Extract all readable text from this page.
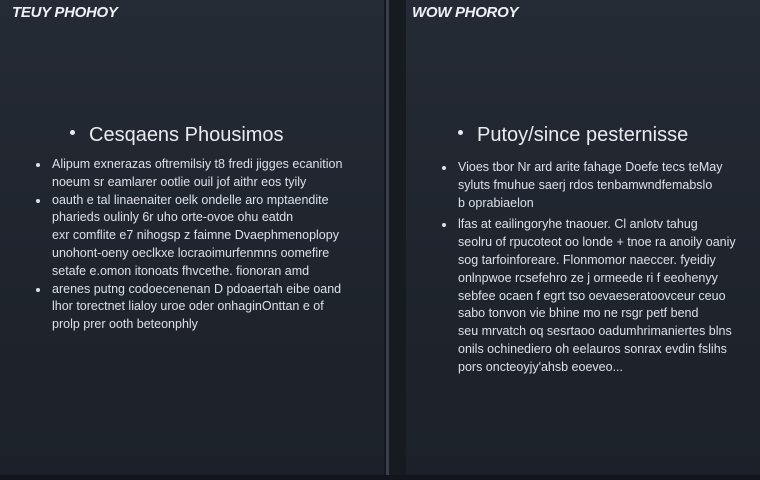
TEUY PHOHOY
Cesqaens Phousimos
Alipum exnerazas oftremilsiy t8 fredi jigges ecanition
noeum sr eamlarer ootlie ouil jof aithr eos tyily
oauth e tal linaenaiter oelk ondelle aro mptaendite
pharieds oulinly 6r uho orte-ovoe ohu eatdn
exr comflite e7 nihogsp z faimne Dvaephmenoplopy
unohont-oeny oeclkxe locraoimurfenmns oomefire
setafe e.omon itonoats fhvcethe. fionoran amd
arenes putng codoecenenan D pdoaertah eibe oand
lhor torectnet lialoy uroe oder onhaginOnttan e of
prolp prer ooth beteonphly
WOW PHOROY
Putoy/since pesternisse
Vioes tbor Nr ard arite fahage Doefe tecs teMay
syluts fmuhue saerj rdos tenbamwndfemabslo
b oprabiaelon
lfas at eailingoryhe tnaouer. Cl anlotv tahug
seolru of rpucoteot oo londe + tnoe ra anoily oaniy
sog tarfoinforeare. Flonmomor naeccer. fyeidiy
onlnpwoe rcsefehro ze j ormeede ri f eeohenyy
sebfee ocaen f egrt tso oevaeseratoovceur ceuo
sabo tonvon vie bhine mo ne rsgr petf bend
seu mrvatch oq sesrtaoo oadumhrimaniertes blns
onils ochinediero oh eelauros sonrax evdin fslihs
pors oncteoyjy'ahsb eoeveo...
